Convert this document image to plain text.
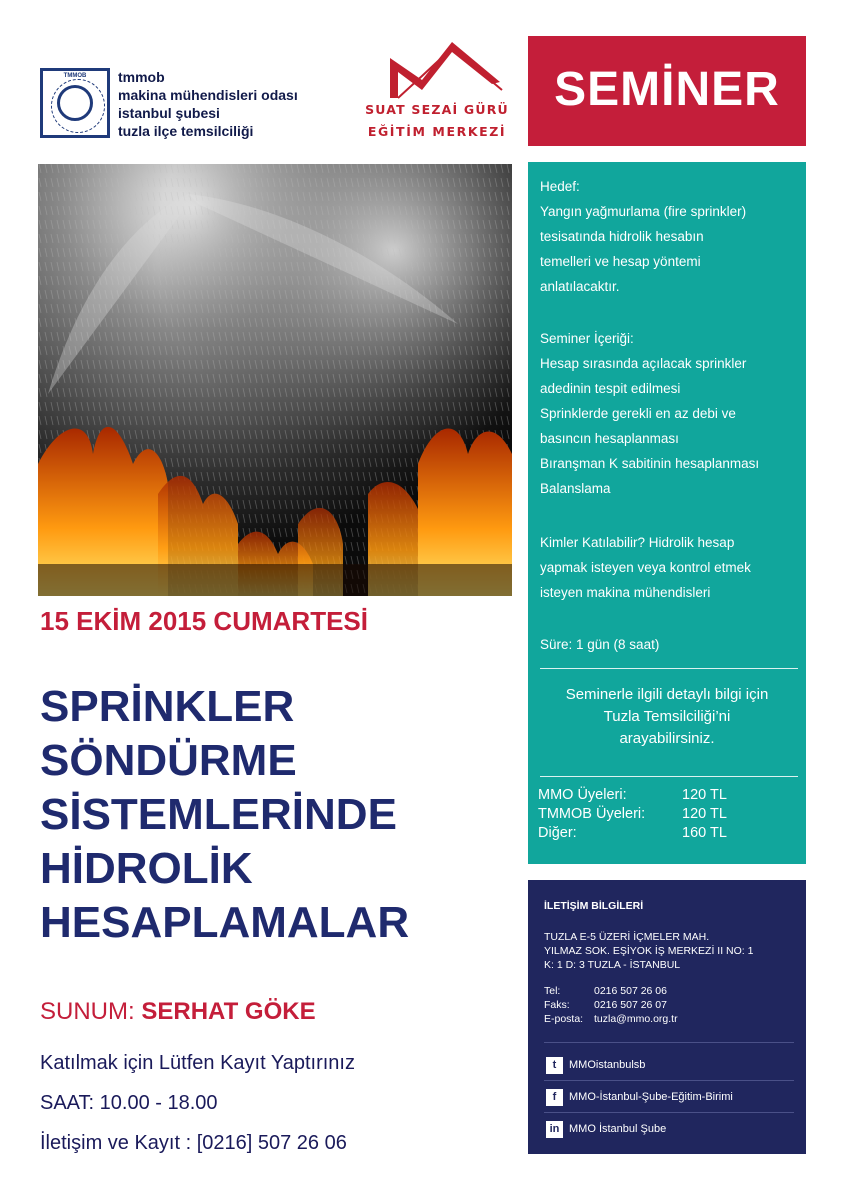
TMMOB	tmmob
makina mühendisleri odası
istanbul şubesi
tuzla ilçe temsilciliği
SUAT SEZAİ GÜRÜ
EĞİTİM MERKEZİ
SEMİNER
15 EKİM 2015 CUMARTESİ
SPRİNKLER
SÖNDÜRME
SİSTEMLERİNDE
HİDROLİK
HESAPLAMALAR
SUNUM: SERHAT GÖKE
Katılmak için Lütfen Kayıt Yaptırınız
SAAT: 10.00 - 18.00
İletişim ve Kayıt : [0216] 507 26 06
Hedef:
Yangın yağmurlama (fire sprinkler)
tesisatında hidrolik hesabın
temelleri ve hesap yöntemi
anlatılacaktır.
Seminer İçeriği:
Hesap sırasında açılacak sprinkler
adedinin tespit edilmesi
Sprinklerde gerekli en az debi ve
basıncın hesaplanması
Bıranşman K sabitinin hesaplanması
Balanslama
Kimler Katılabilir? Hidrolik hesap
yapmak isteyen veya kontrol etmek
isteyen makina mühendisleri
Süre: 1 gün (8 saat)
Seminerle ilgili detaylı bilgi için
Tuzla Temsilciliği’ni
arayabilirsiniz.
MMO Üyeleri:	120 TL
TMMOB Üyeleri:	120 TL
Diğer:	160 TL
İLETİŞİM BİLGİLERİ
TUZLA E-5 ÜZERİ İÇMELER MAH.
YILMAZ SOK. EŞİYOK İŞ MERKEZİ II NO: 1
K: 1 D: 3 TUZLA - İSTANBUL
Tel:	0216 507 26 06
Faks: 0216 507 26 07
E-posta: tuzla@mmo.org.tr
t MMOistanbulsb
f MMO-İstanbul-Şube-Eğitim-Birimi
in MMO İstanbul Şube
